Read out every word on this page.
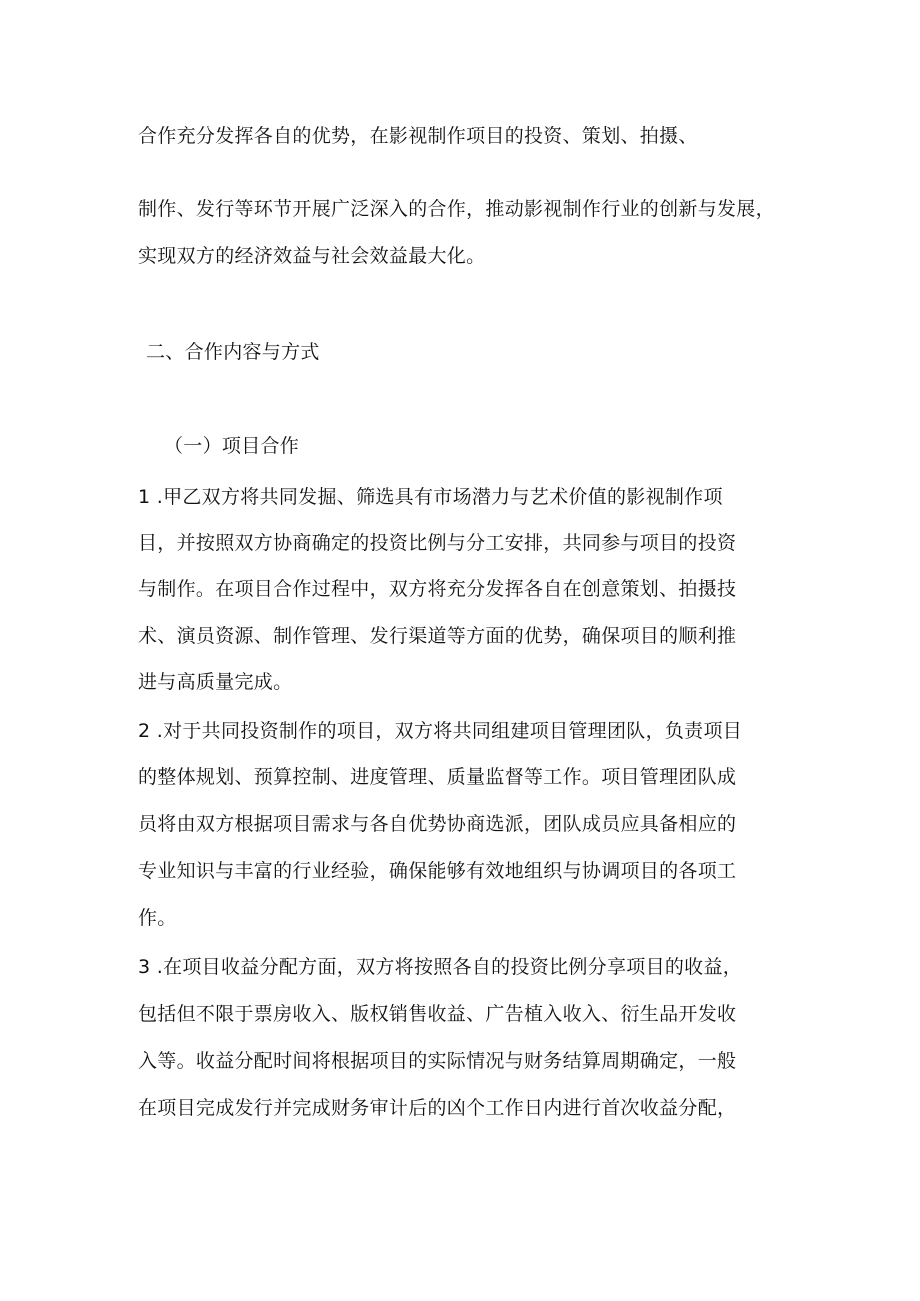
合作充分发挥各自的优势，在影视制作项目的投资、策划、拍摄、
制作、发行等环节开展广泛深入的合作，推动影视制作行业的创新与发展，
实现双方的经济效益与社会效益最大化。
二、合作内容与方式
（一）项目合作
1 .甲乙双方将共同发掘、筛选具有市场潜力与艺术价值的影视制作项
目，并按照双方协商确定的投资比例与分工安排，共同参与项目的投资
与制作。在项目合作过程中，双方将充分发挥各自在创意策划、拍摄技
术、演员资源、制作管理、发行渠道等方面的优势，确保项目的顺利推
进与高质量完成。
2 .对于共同投资制作的项目，双方将共同组建项目管理团队，负责项目
的整体规划、预算控制、进度管理、质量监督等工作。项目管理团队成
员将由双方根据项目需求与各自优势协商选派，团队成员应具备相应的
专业知识与丰富的行业经验，确保能够有效地组织与协调项目的各项工
作。
3 .在项目收益分配方面，双方将按照各自的投资比例分享项目的收益，
包括但不限于票房收入、版权销售收益、广告植入收入、衍生品开发收
入等。收益分配时间将根据项目的实际情况与财务结算周期确定，一般
在项目完成发行并完成财务审计后的凶个工作日内进行首次收益分配，
